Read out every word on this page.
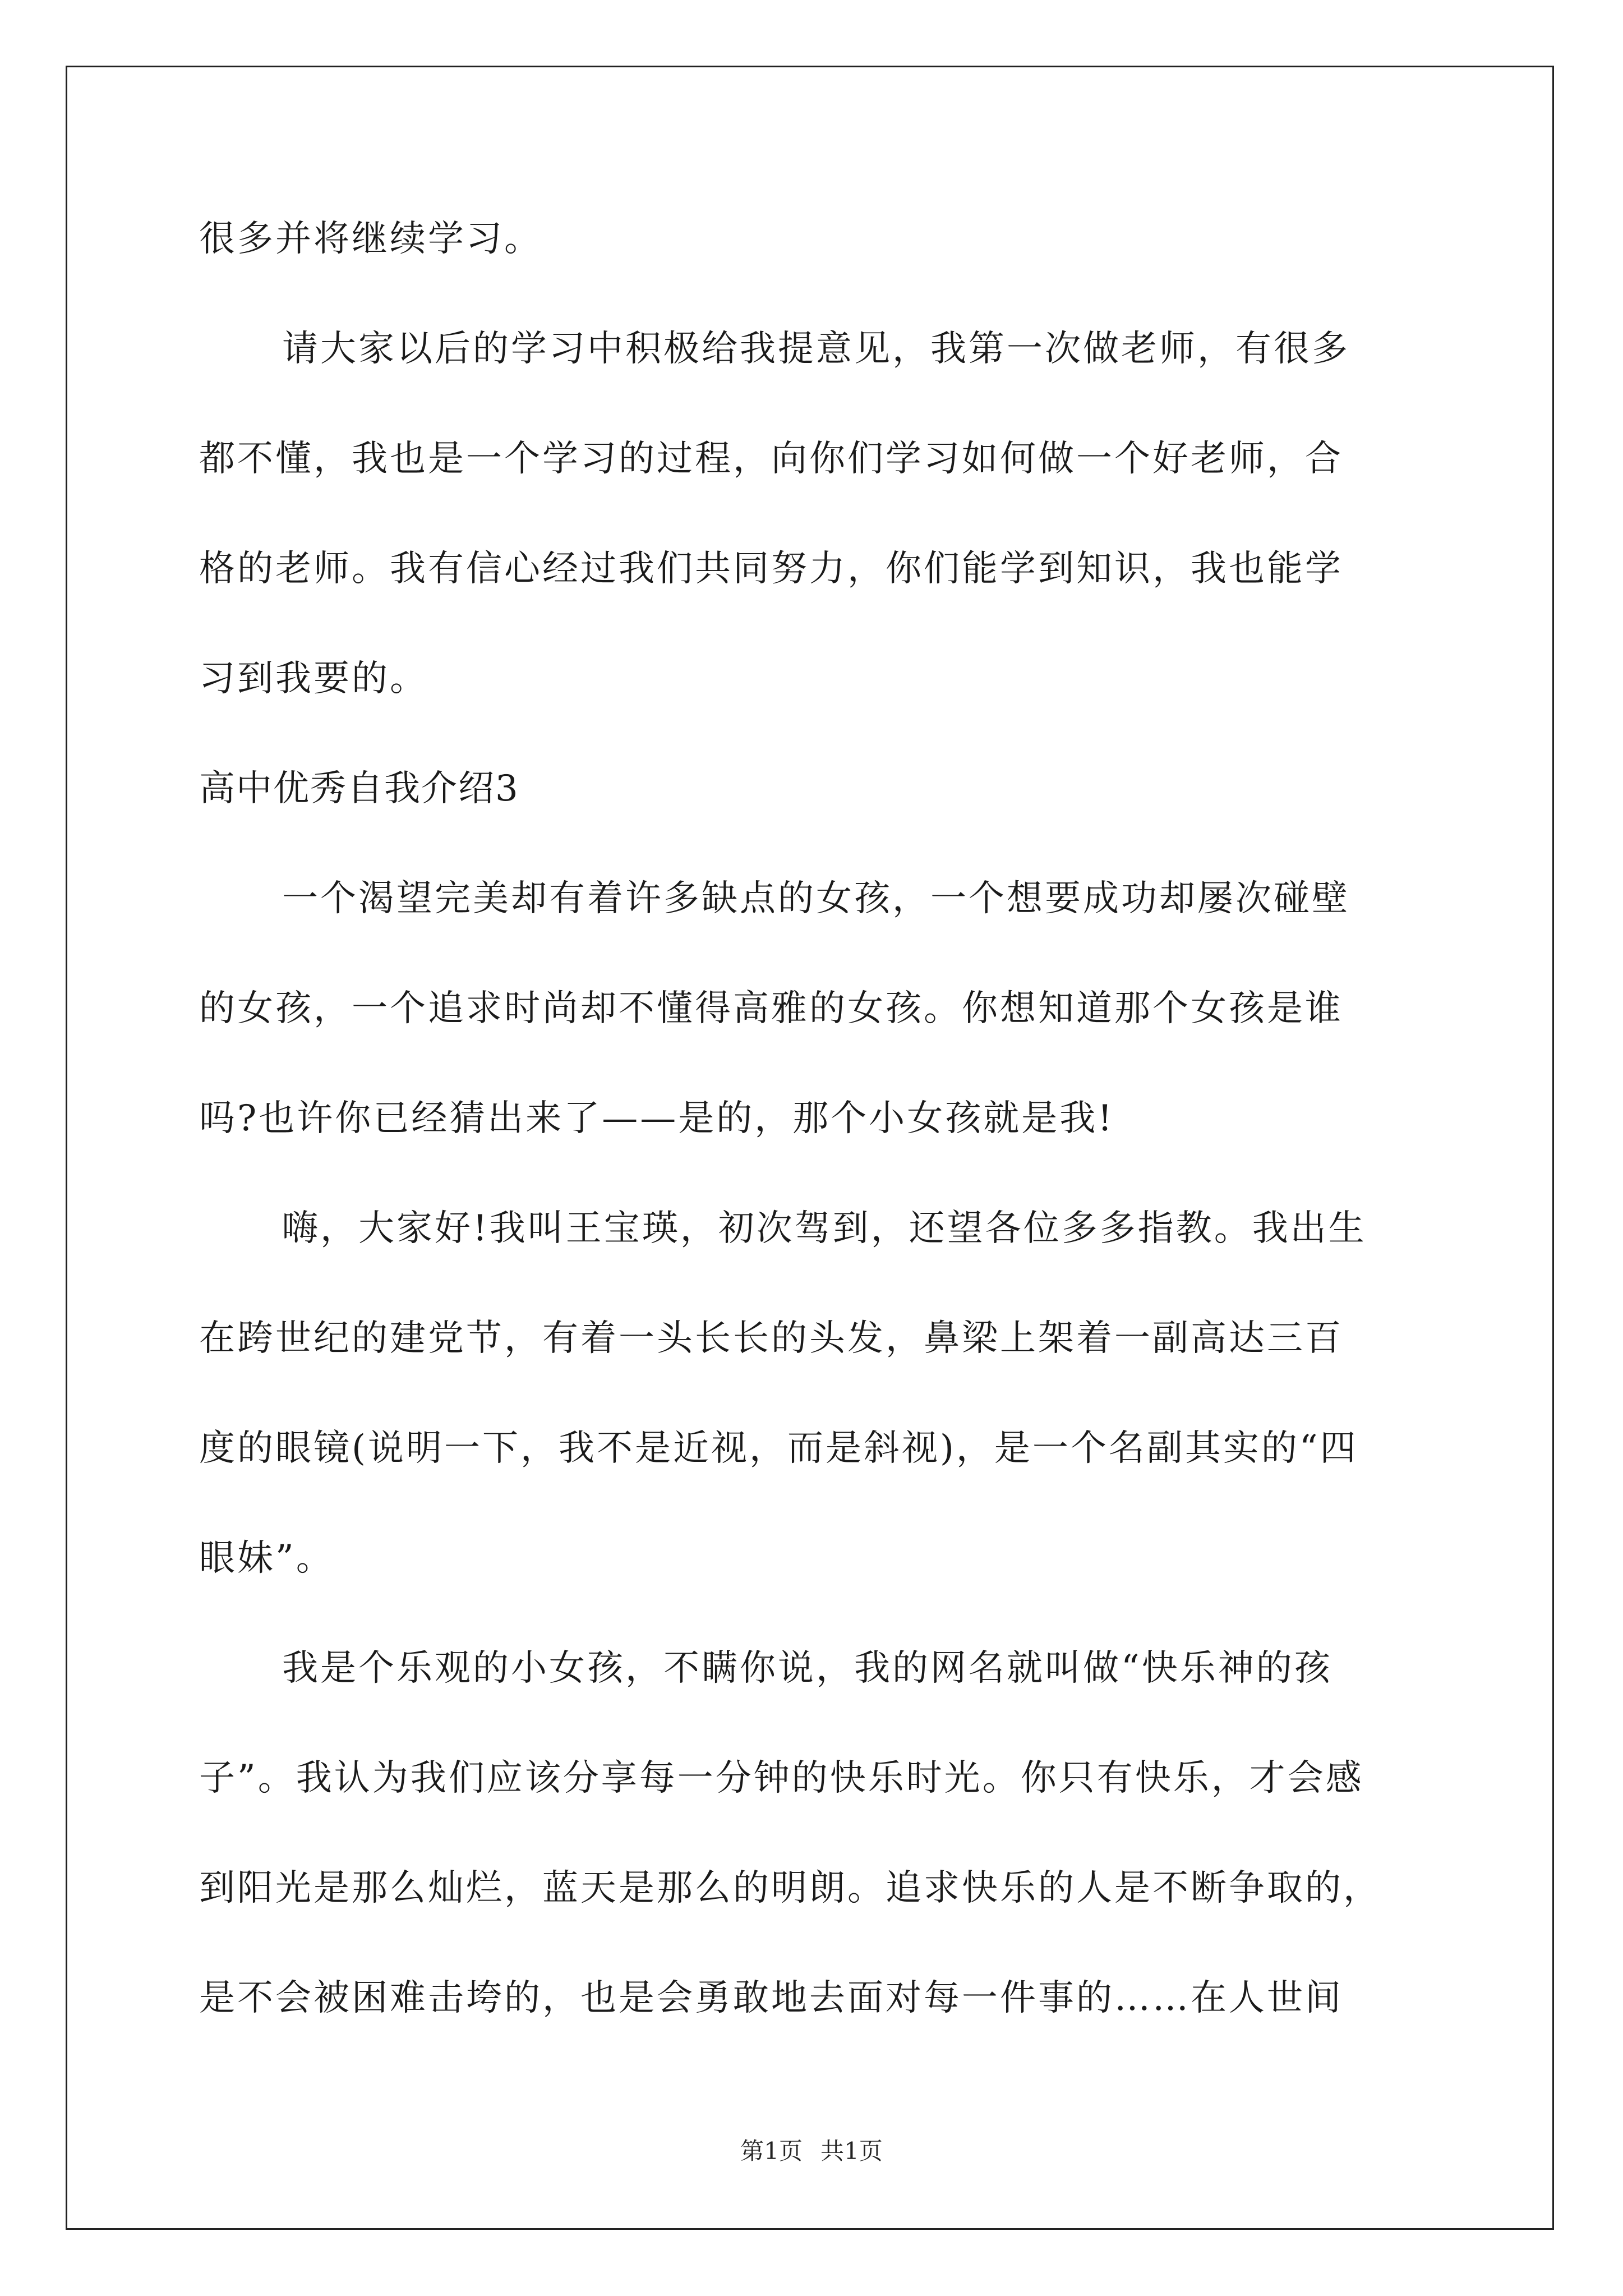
很多并将继续学习。
请大家以后的学习中积极给我提意见，我第一次做老师，有很多
都不懂，我也是一个学习的过程，向你们学习如何做一个好老师，合
格的老师。我有信心经过我们共同努力，你们能学到知识，我也能学
习到我要的。
高中优秀自我介绍3
一个渴望完美却有着许多缺点的女孩，一个想要成功却屡次碰壁
的女孩，一个追求时尚却不懂得高雅的女孩。你想知道那个女孩是谁
吗?也许你已经猜出来了——是的，那个小女孩就是我!
嗨，大家好!我叫王宝瑛，初次驾到，还望各位多多指教。我出生
在跨世纪的建党节，有着一头长长的头发，鼻梁上架着一副高达三百
度的眼镜(说明一下，我不是近视，而是斜视)，是一个名副其实的“四
眼妹”。
我是个乐观的小女孩，不瞒你说，我的网名就叫做“快乐神的孩
子”。我认为我们应该分享每一分钟的快乐时光。你只有快乐，才会感
到阳光是那么灿烂，蓝天是那么的明朗。追求快乐的人是不断争取的，
是不会被困难击垮的，也是会勇敢地去面对每一件事的……在人世间
第1页 共1页
